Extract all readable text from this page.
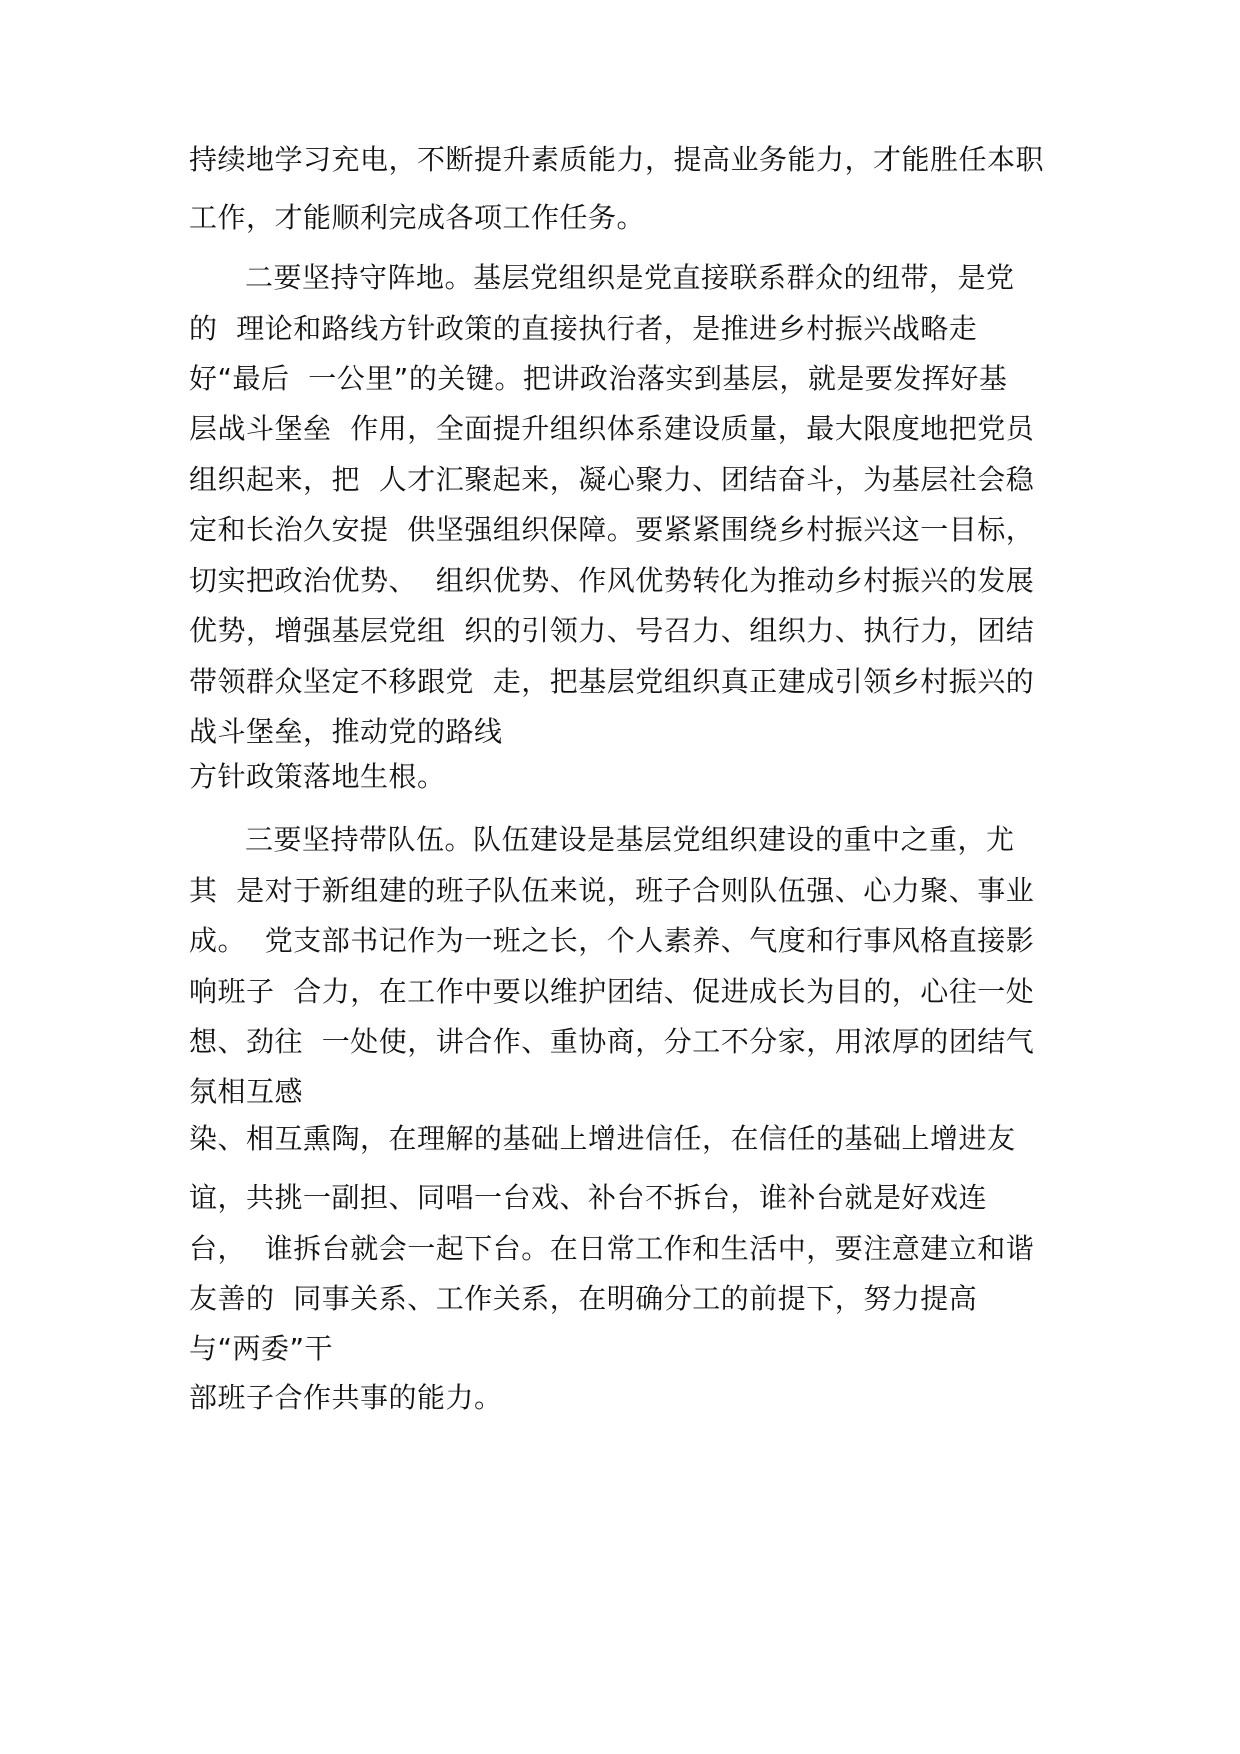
持续地学习充电，不断提升素质能力，提高业务能力，才能胜任本职
工作，才能顺利完成各项工作任务。
二要坚持守阵地。基层党组织是党直接联系群众的纽带，是党
的  理论和路线方针政策的直接执行者，是推进乡村振兴战略走
好“最后  一公里”的关键。把讲政治落实到基层，就是要发挥好基
层战斗堡垒  作用，全面提升组织体系建设质量，最大限度地把党员
组织起来，把  人才汇聚起来，凝心聚力、团结奋斗，为基层社会稳
定和长治久安提  供坚强组织保障。要紧紧围绕乡村振兴这一目标，
切实把政治优势、  组织优势、作风优势转化为推动乡村振兴的发展
优势，增强基层党组  织的引领力、号召力、组织力、执行力，团结
带领群众坚定不移跟党  走，把基层党组织真正建成引领乡村振兴的
战斗堡垒，推动党的路线
方针政策落地生根。
三要坚持带队伍。队伍建设是基层党组织建设的重中之重，尤
其  是对于新组建的班子队伍来说，班子合则队伍强、心力聚、事业
成。  党支部书记作为一班之长，个人素养、气度和行事风格直接影
响班子  合力，在工作中要以维护团结、促进成长为目的，心往一处
想、劲往  一处使，讲合作、重协商，分工不分家，用浓厚的团结气
氛相互感
染、相互熏陶，在理解的基础上增进信任，在信任的基础上增进友
谊，共挑一副担、同唱一台戏、补台不拆台，谁补台就是好戏连
台，  谁拆台就会一起下台。在日常工作和生活中，要注意建立和谐
友善的  同事关系、工作关系，在明确分工的前提下，努力提高
与“两委”干
部班子合作共事的能力。
